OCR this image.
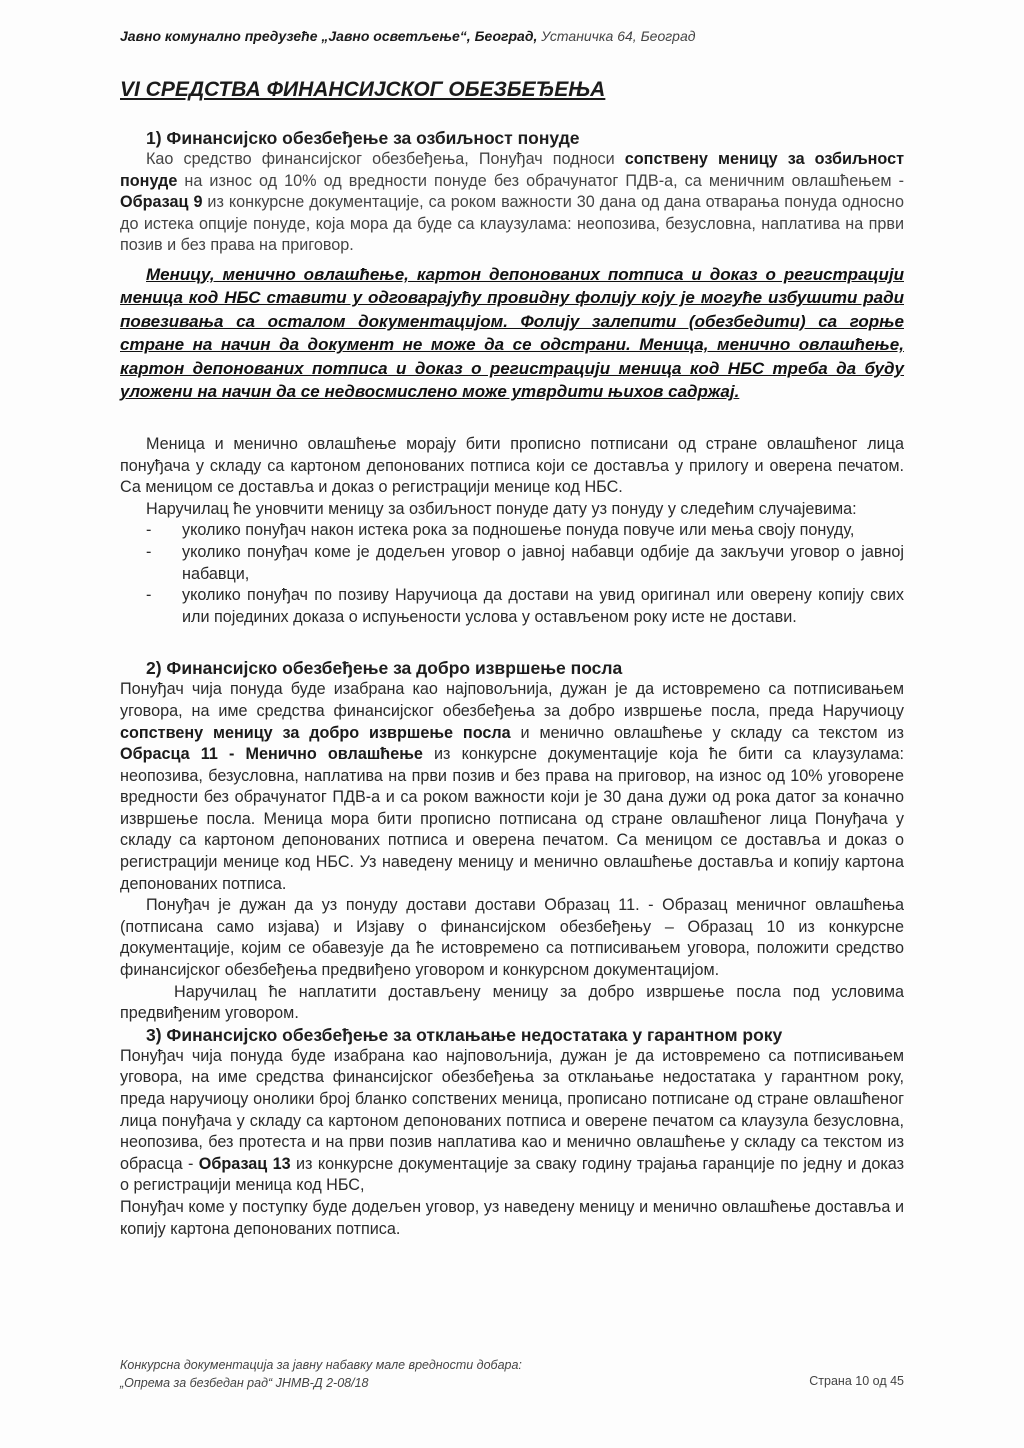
Јавно комунално предузеће „Јавно осветљење“, Београд, Устаничка 64, Београд
VI СРЕДСТВА ФИНАНСИЈСКОГ ОБЕЗБЕЂЕЊА
1) Финансијско обезбеђење за озбиљност понуде

Као средство финансијског обезбеђења, Понуђач подноси сопствену меницу за озбиљност понуде на износ од 10% од вредности понуде без обрачунатог ПДВ-а, са меничним овлашћењем - Образац 9 из конкурсне документације, са роком важности 30 дана од дана отварања понуда односно до истека опције понуде, која мора да буде са клаузулама: неопозива, безусловна, наплатива на први позив и без права на приговор.

Меницу, менично овлашћење, картон депонованих потписа и доказ о регистрацији меница код НБС ставити у одговарајућу провидну фолију коју је могуће избушити ради повезивања са осталом документацијом. Фолију залепити (обезбедити) са горње стране на начин да документ не може да се одстрани. Меница, менично овлашћење, картон депонованих потписа и доказ о регистрацији меница код НБС треба да буду уложени на начин да се недвосмислено може утврдити њихов садржај.

Меница и менично овлашћење морају бити прописно потписани од стране овлашћеног лица понуђача у складу са картоном депонованих потписа који се доставља у прилогу и оверена печатом. Са меницом се доставља и доказ о регистрацији менице код НБС.

Наручилац ће уновчити меницу за озбиљност понуде дату уз понуду у следећим случајевима:

- уколико понуђач након истека рока за подношење понуда повуче или мења своју понуду,
- уколико понуђач коме је додељен уговор о јавној набавци одбије да закључи уговор о јавној набавци,
- уколико понуђач по позиву Наручиоца да достави на увид оригинал или оверену копију свих или појединих доказа о испуњености услова у остављеном року исте не достави.
2) Финансијско обезбеђење за добро извршење посла

Понуђач чија понуда буде изабрана као најповољнија, дужан је да истовремено са потписивањем уговора, на име средства финансијског обезбеђења за добро извршење посла, преда Наручиоцу сопствену меницу за добро извршење посла и менично овлашћење у складу са текстом из Обрасца 11 - Менично овлашћење из конкурсне документације која ће бити са клаузулама: неопозива, безусловна, наплатива на први позив и без права на приговор, на износ од 10% уговорене вредности без обрачунатог ПДВ-а и са роком важности који је 30 дана дужи од рока датог за коначно извршење посла. Меница мора бити прописно потписана од стране овлашћеног лица Понуђача у складу са картоном депонованих потписа и оверена печатом. Са меницом се доставља и доказ о регистрацији менице код НБС. Уз наведену меницу и менично овлашћење доставља и копију картона депонованих потписа.

Понуђач је дужан да уз понуду достави достави Образац 11. - Образац меничног овлашћења (потписана само изјава) и Изјаву о финансијском обезбеђењу – Образац 10 из конкурсне документације, којим се обавезује да ће истовремено са потписивањем уговора, положити средство финансијског обезбеђења предвиђено уговором и конкурсном документацијом.

Наручилац ће наплатити достављену меницу за добро извршење посла под условима предвиђеним уговором.

3) Финансијско обезбеђење за отклањање недостатака у гарантном року

Понуђач чија понуда буде изабрана као најповољнија, дужан је да истовремено са потписивањем уговора, на име средства финансијског обезбеђења за отклањање недостатака у гарантном року, преда наручиоцу онолики број бланко сопствених меница, прописано потписане од стране овлашћеног лица понуђача у складу са картоном депонованих потписа и оверене печатом са клаузула безусловна, неопозива, без протеста и на први позив наплатива као и менично овлашћење у складу са текстом из обрасца - Образац 13 из конкурсне документације за сваку годину трајања гаранције по једну и доказ о регистрацији меница код НБС,

Понуђач коме у поступку буде додељен уговор, уз наведену меницу и менично овлашћење доставља и копију картона депонованих потписа.

Конкурсна документација за јавну набавку мале вредности добара:
„Опрема за безбедан рад“ ЈНМВ-Д 2-08/18	Страна 10 од 45
